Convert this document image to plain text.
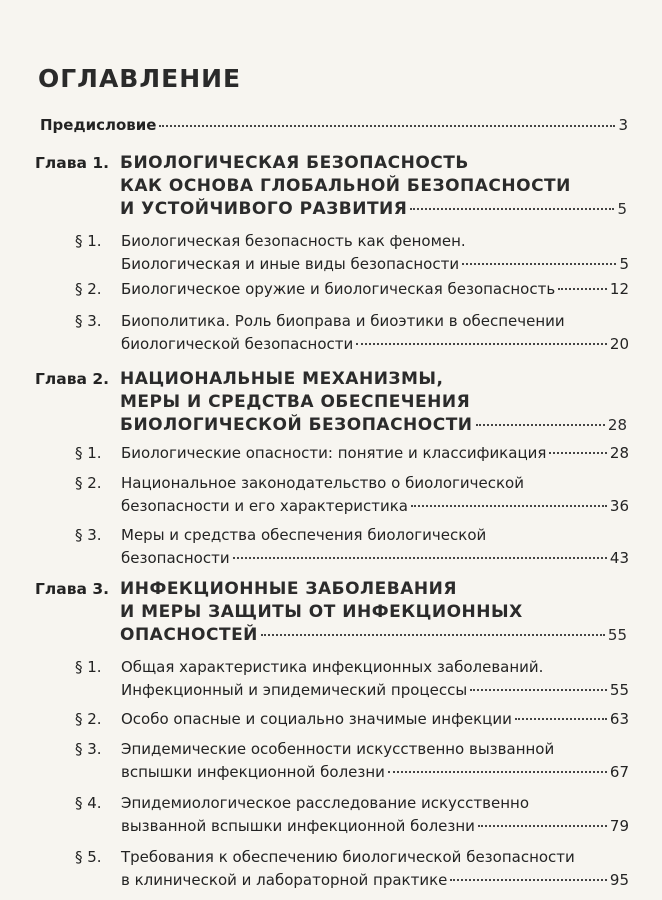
ОГЛАВЛЕНИЕ
Предисловие	3
Глава 1. БИОЛОГИЧЕСКАЯ БЕЗОПАСНОСТЬ
КАК ОСНОВА ГЛОБАЛЬНОЙ БЕЗОПАСНОСТИ
И УСТОЙЧИВОГО РАЗВИТИЯ	5
§ 1. Биологическая безопасность как феномен.
Биологическая и иные виды безопасности	5
§ 2. Биологическое оружие и биологическая безопасность	12
§ 3. Биополитика. Роль биоправа и биоэтики в обеспечении
биологической безопасности	20
Глава 2. НАЦИОНАЛЬНЫЕ МЕХАНИЗМЫ,
МЕРЫ И СРЕДСТВА ОБЕСПЕЧЕНИЯ
БИОЛОГИЧЕСКОЙ БЕЗОПАСНОСТИ	28
§ 1. Биологические опасности: понятие и классификация	28
§ 2. Национальное законодательство о биологической
безопасности и его характеристика	36
§ 3. Меры и средства обеспечения биологической
безопасности	43
Глава 3. ИНФЕКЦИОННЫЕ ЗАБОЛЕВАНИЯ
И МЕРЫ ЗАЩИТЫ ОТ ИНФЕКЦИОННЫХ
ОПАСНОСТЕЙ	55
§ 1. Общая характеристика инфекционных заболеваний.
Инфекционный и эпидемический процессы	55
§ 2. Особо опасные и социально значимые инфекции	63
§ 3. Эпидемические особенности искусственно вызванной
вспышки инфекционной болезни	67
§ 4. Эпидемиологическое расследование искусственно
вызванной вспышки инфекционной болезни	79
§ 5. Требования к обеспечению биологической безопасности
в клинической и лабораторной практике	95
